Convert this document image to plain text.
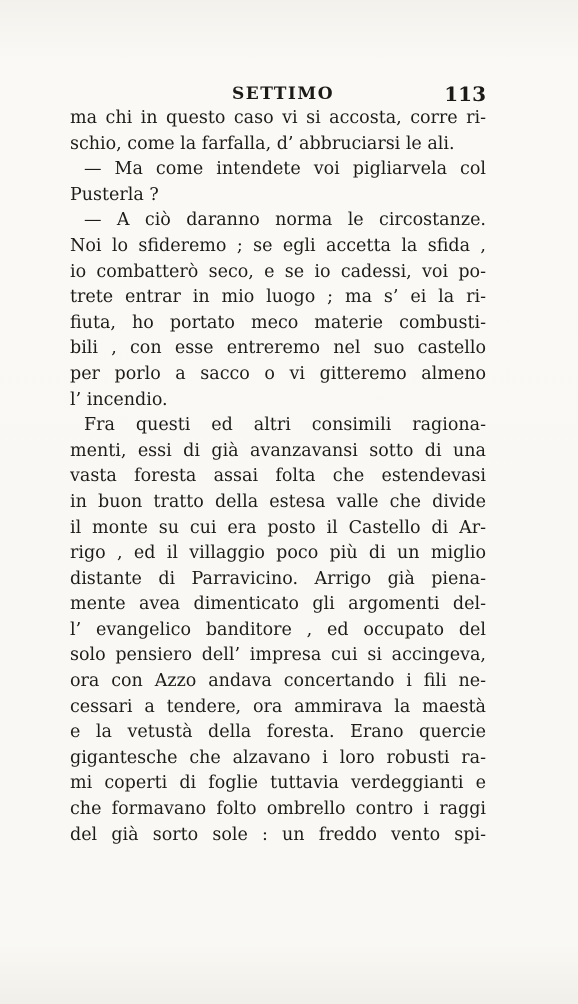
SETTIMO	113
ma chi in questo caso vi si accosta, corre ri-
schio, come la farfalla, d’ abbruciarsi le ali.
— Ma come intendete voi pigliarvela col
Pusterla ?
— A ciò daranno norma le circostanze.
Noi lo sfideremo ; se egli accetta la sfida ,
io combatterò seco, e se io cadessi, voi po-
trete entrar in mio luogo ; ma s’ ei la ri-
fiuta, ho portato meco materie combusti-
bili , con esse entreremo nel suo castello
per porlo a sacco o vi gitteremo almeno
l’ incendio.
Fra questi ed altri consimili ragiona-
menti, essi di già avanzavansi sotto di una
vasta foresta assai folta che estendevasi
in buon tratto della estesa valle che divide
il monte su cui era posto il Castello di Ar-
rigo , ed il villaggio poco più di un miglio
distante di Parravicino. Arrigo già piena-
mente avea dimenticato gli argomenti del-
l’ evangelico banditore , ed occupato del
solo pensiero dell’ impresa cui si accingeva,
ora con Azzo andava concertando i fili ne-
cessari a tendere, ora ammirava la maestà
e la vetustà della foresta. Erano quercie
gigantesche che alzavano i loro robusti ra-
mi coperti di foglie tuttavia verdeggianti e
che formavano folto ombrello contro i raggi
del già sorto sole : un freddo vento spi-
